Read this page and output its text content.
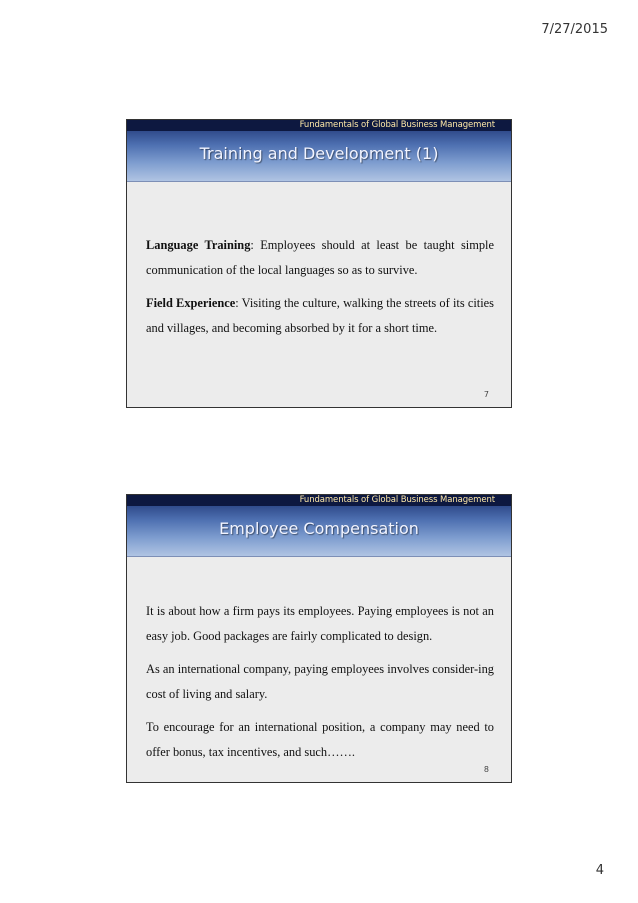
7/27/2015
Fundamentals of Global Business Management
Training and Development (1)

Language Training: Employees should at least be taught simple communication of the local languages so as to survive.

Field Experience: Visiting the culture, walking the streets of its cities and villages, and becoming absorbed by it for a short time.

7
Fundamentals of Global Business Management
Employee Compensation

It is about how a firm pays its employees. Paying employees is not an easy job. Good packages are fairly complicated to design.

As an international company, paying employees involves consider-ing cost of living and salary.

To encourage for an international position, a company may need to offer bonus, tax incentives, and such…….

8
4
